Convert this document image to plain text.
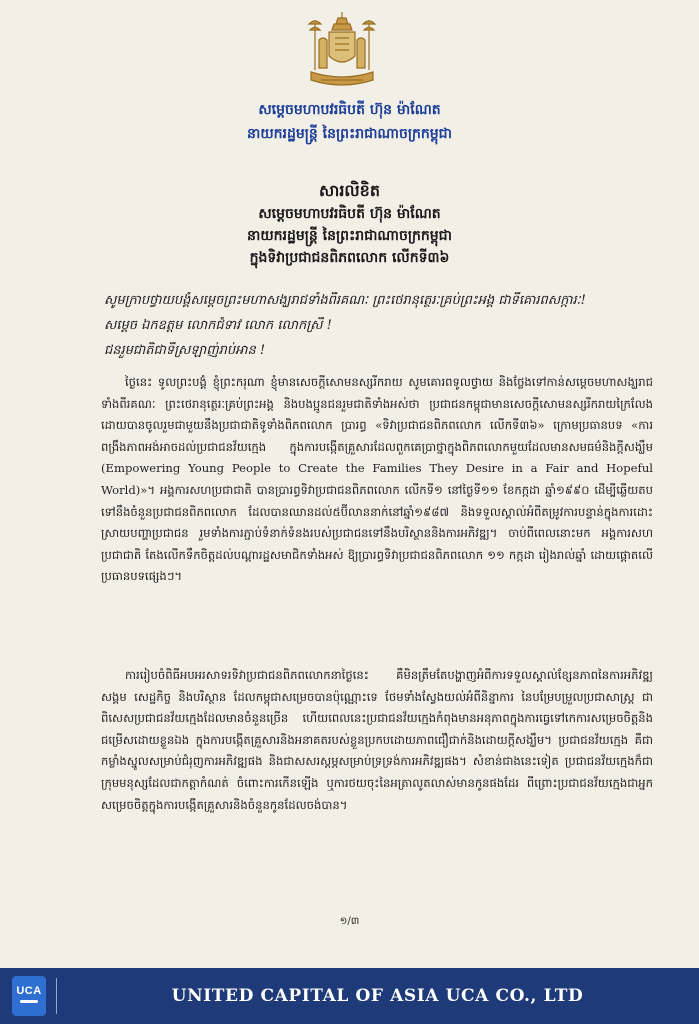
សម្តេចមហាបវរធិបតី ហ៊ុន ម៉ាណែត
នាយករដ្ឋមន្ត្រី នៃព្រះរាជាណាចក្រកម្ពុជា
សារលិខិត
សម្តេចមហាបវរធិបតី ហ៊ុន ម៉ាណែត
នាយករដ្ឋមន្ត្រី នៃព្រះរាជាណាចក្រកម្ពុជា
ក្នុងទិវាប្រជាជនពិភពលោក លើកទី៣៦
សូមក្រាបថ្វាយបង្គំសម្តេចព្រះមហាសង្ឃរាជទាំងពីរគណៈ ព្រះថេរានុត្ថេរៈគ្រប់ព្រះអង្គ ជាទីគោរពសក្ការៈ!
សម្តេច ឯកឧត្តម លោកជំទាវ លោក លោកស្រី !
ជនរួមជាតិជាទីស្រឡាញ់រាប់អាន !

ថ្ងៃនេះ ទូលព្រះបង្គំ ខ្ញុំព្រះករុណា ខ្ញុំមានសេចក្តីសោមនស្សរីករាយ សូមគោរពទូលថ្វាយ និងថ្លែងទៅកាន់សម្តេចមហាសង្ឃរាជទាំងពីរគណៈ ព្រះថេរានុត្ថេរៈគ្រប់ព្រះអង្គ និងបងប្អូនជនរួមជាតិទាំងអស់ថា ប្រជាជនកម្ពុជាមានសេចក្តីសោមនស្សរីករាយក្រៃលែង ដោយបានចូលរួមជាមួយនឹងប្រជាជាតិទូទាំងពិភពលោក ប្រារព្ធ «ទិវាប្រជាជនពិភពលោក លើកទី៣៦» ក្រោមប្រធានបទ «ការពង្រឹងភាពអង់អាចដល់ប្រជាជនវ័យក្មេង ក្នុងការបង្កើតគ្រួសារដែលពួកគេប្រាថ្នាក្នុងពិភពលោកមួយដែលមានសមធម៌និងក្តីសង្ឃឹម (Empowering Young People to Create the Families They Desire in a Fair and Hopeful World)»។ អង្គការសហប្រជាជាតិ បានប្រារព្ធទិវាប្រជាជនពិភពលោក លើកទី១ នៅថ្ងៃទី១១ ខែកក្កដា ឆ្នាំ១៩៩០ ដើម្បីឆ្លើយតបទៅនឹងចំនួនប្រជាជនពិភពលោក ដែលបានឈានដល់៥ប៊ីលាននាក់នៅឆ្នាំ១៩៨៧ និងទទួលស្គាល់អំពីតម្រូវការបន្ទាន់ក្នុងការដោះស្រាយបញ្ហាប្រជាជន រួមទាំងការភ្ជាប់ទំនាក់ទំនងរបស់ប្រជាជនទៅនឹងបរិស្ថាននិងការអភិវឌ្ឍ។ ចាប់ពីពេលនោះមក អង្គការសហប្រជាជាតិ តែងលើកទឹកចិត្តដល់បណ្តារដ្ឋសមាជិកទាំងអស់ ឱ្យប្រារព្ធទិវាប្រជាជនពិភពលោក ១១ កក្កដា រៀងរាល់ឆ្នាំ ដោយផ្តោតលើប្រធានបទផ្សេងៗ។

ការរៀបចំពិធីអបអរសាទរទិវាប្រជាជនពិភពលោកនាថ្ងៃនេះ គឺមិនត្រឹមតែបង្ហាញអំពីការទទួលស្គាល់ខ្សែនភាពនៃការអភិវឌ្ឍសង្គម សេដ្ឋកិច្ច និងបរិស្ថាន ដែលកម្ពុជាសម្រេចបានប៉ុណ្ណោះទេ ថែមទាំងស្វែងយល់អំពីនិន្នាការ នៃបម្រែបម្រួលប្រជាសាស្ត្រ ជាពិសេសប្រជាជនវ័យក្មេងដែលមានចំនួនច្រើន ហើយពេលនេះប្រជាជនវ័យក្មេងកំពុងមានអនុភាពក្នុងការធ្វេទៅកេការសម្រេចចិត្តនិងជម្រើសដោយខ្លួនឯង ក្នុងការបង្កើតគ្រួសារនិងអនាគតរបស់ខ្លួនប្រកបដោយភាពជឿជាក់និងដោយក្តីសង្ឃឹម។ ប្រជាជនវ័យក្មេង គឺជាកម្លាំងស្នូលសម្រាប់ជំរុញការអភិវឌ្ឍផង និងជាសសរស្តម្ភសម្រាប់ទ្រទ្រង់ការអភិវឌ្ឍផង។ សំខាន់ជាងនេះទៀត ប្រជាជនវ័យក្មេងក៏ជាក្រុមមនុស្សដែលជាកត្តាកំណត់ ចំពោះការកើនឡើង ឬការថយចុះនៃអត្រាលូតលាស់មានកូនផងដែរ ពីព្រោះប្រជាជនវ័យក្មេងជាអ្នកសម្រេចចិត្តក្នុងការបង្កើតគ្រួសារនិងចំនួនកូនដែលចង់បាន។

១/៣
UCA	UNITED CAPITAL OF ASIA UCA CO., LTD
